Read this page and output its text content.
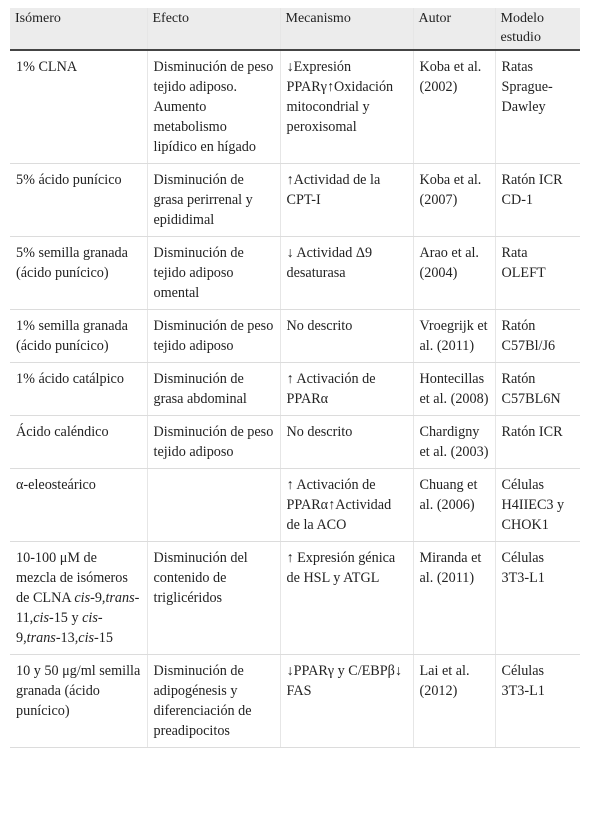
Isómero	Efecto	Mecanismo	Autor	Modelo estudio
1% CLNA	Disminución de peso tejido adiposo. Aumento metabolismo lipídico en hígado	↓Expresión PPARγ↑Oxidación mitocondrial y peroxisomal	Koba et al. (2002)	Ratas Sprague-Dawley
5% ácido punícico	Disminución de grasa perirrenal y epididimal	↑Actividad de la CPT-I	Koba et al. (2007)	Ratón ICR CD-1
5% semilla granada (ácido punícico)	Disminución de tejido adiposo omental	↓ Actividad Δ9 desaturasa	Arao et al. (2004)	Rata OLEFT
1% semilla granada (ácido punícico)	Disminución de peso tejido adiposo	No descrito	Vroegrijk et al. (2011)	Ratón C57Bl/J6
1% ácido catálpico	Disminución de grasa abdominal	↑ Activación de PPARα	Hontecillas et al. (2008)	Ratón C57BL6N
Ácido caléndico	Disminución de peso tejido adiposo	No descrito	Chardigny et al. (2003)	Ratón ICR
α-eleosteárico		↑ Activación de PPARα↑Actividad de la ACO	Chuang et al. (2006)	Células H4IIEC3 y CHOK1
10-100 μM de mezcla de isómeros de CLNA cis-9,trans-11,cis-15 y cis-9,trans-13,cis-15	Disminución del contenido de triglicéridos	↑ Expresión génica de HSL y ATGL	Miranda et al. (2011)	Células 3T3-L1
10 y 50 μg/ml semilla granada (ácido punícico)	Disminución de adipogénesis y diferenciación de preadipocitos	↓PPARγ y C/EBPβ↓ FAS	Lai et al. (2012)	Células 3T3-L1
